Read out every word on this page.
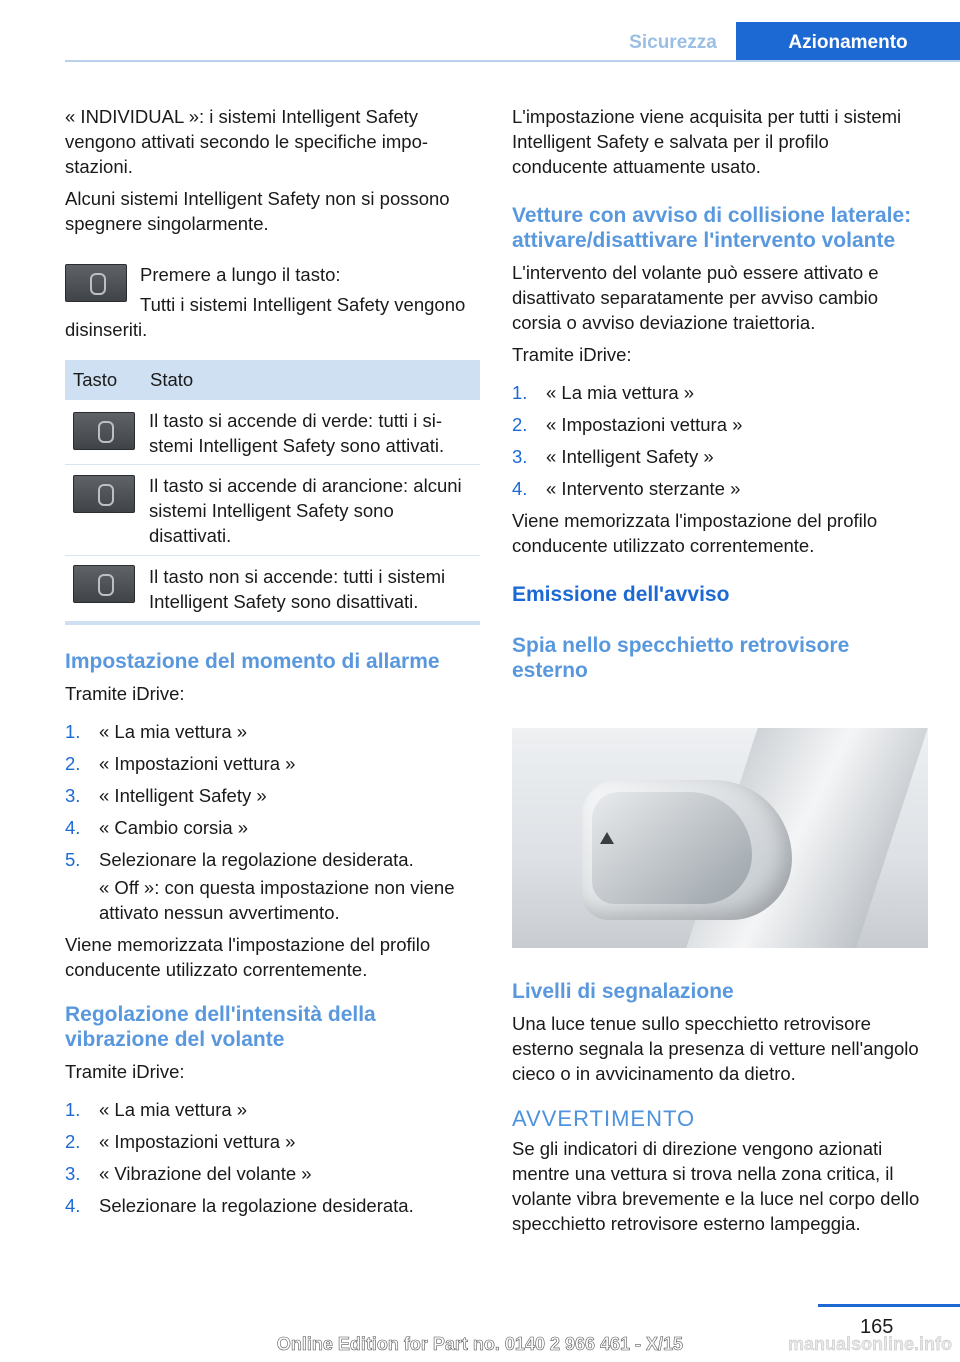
Sicurezza	Azionamento

« INDIVIDUAL »: i sistemi Intelligent Safety vengono attivati secondo le specifiche impostazioni.

Alcuni sistemi Intelligent Safety non si possono spegnere singolarmente.

Premere a lungo il tasto:
Tutti i sistemi Intelligent Safety vengono disinseriti.
Tasto Stato
Il tasto si accende di verde: tutti i sistemi Intelligent Safety sono attivati.
Il tasto si accende di arancione: alcuni sistemi Intelligent Safety sono disattivati.
Il tasto non si accende: tutti i sistemi Intelligent Safety sono disattivati.
Impostazione del momento di allarme
Tramite iDrive:
1. « La mia vettura »
2. « Impostazioni vettura »
3. « Intelligent Safety »
4. « Cambio corsia »
5. Selezionare la regolazione desiderata.
« Off »: con questa impostazione non viene attivato nessun avvertimento.
Viene memorizzata l'impostazione del profilo conducente utilizzato correntemente.
Regolazione dell'intensità della vibrazione del volante
Tramite iDrive:
1. « La mia vettura »
2. « Impostazioni vettura »
3. « Vibrazione del volante »
4. Selezionare la regolazione desiderata.
L'impostazione viene acquisita per tutti i sistemi Intelligent Safety e salvata per il profilo conducente attuamente usato.
Vetture con avviso di collisione laterale: attivare/disattivare l'intervento volante
L'intervento del volante può essere attivato e disattivato separatamente per avviso cambio corsia o avviso deviazione traiettoria.
Tramite iDrive:
1. « La mia vettura »
2. « Impostazioni vettura »
3. « Intelligent Safety »
4. « Intervento sterzante »
Viene memorizzata l'impostazione del profilo conducente utilizzato correntemente.
Emissione dell'avviso
Spia nello specchietto retrovisore esterno
Livelli di segnalazione
Una luce tenue sullo specchietto retrovisore esterno segnala la presenza di vetture nell'angolo cieco o in avvicinamento da dietro.
AVVERTIMENTO
Se gli indicatori di direzione vengono azionati mentre una vettura si trova nella zona critica, il volante vibra brevemente e la luce nel corpo dello specchietto retrovisore esterno lampeggia.
165
Online Edition for Part no. 0140 2 966 461 - X/15	manualsonline.info
